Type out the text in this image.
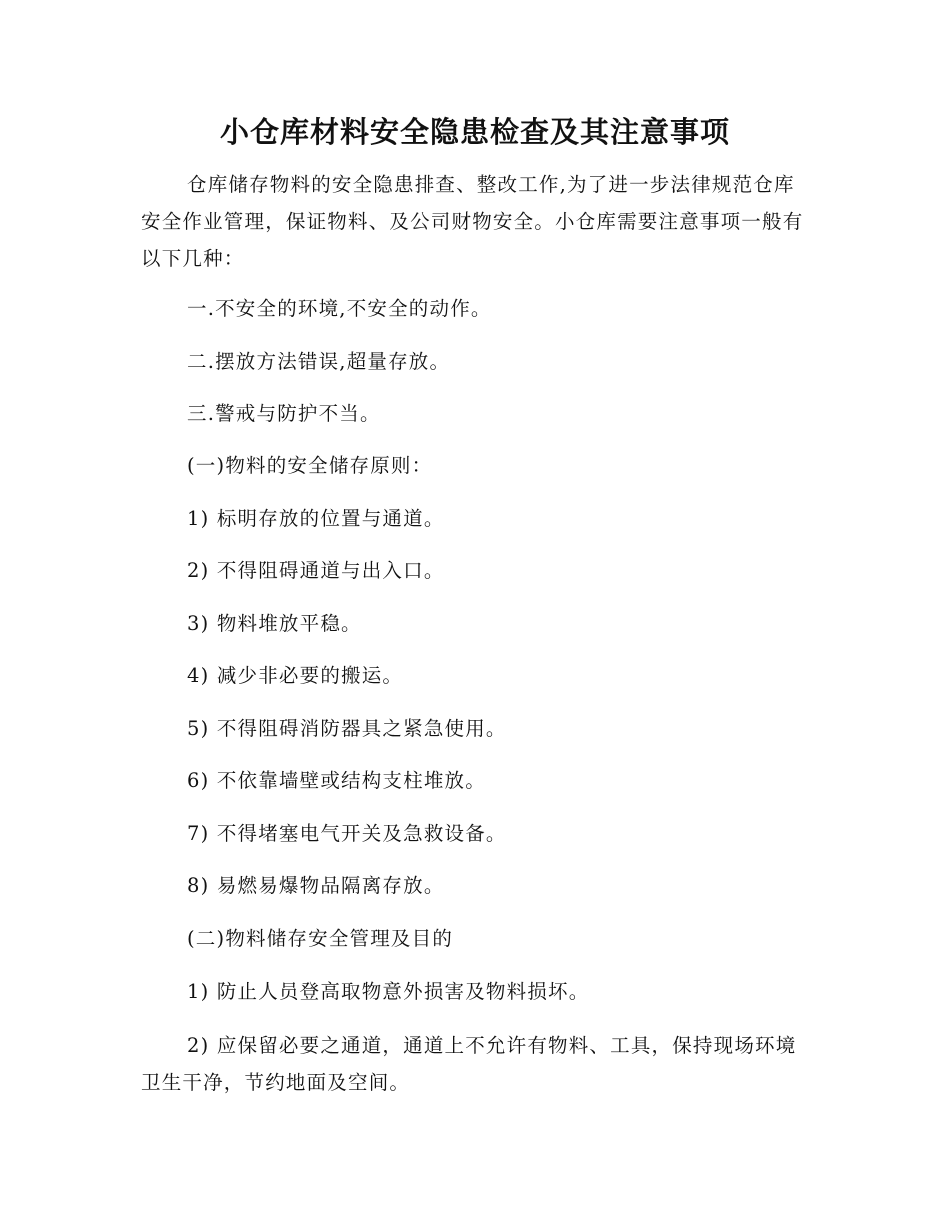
小仓库材料安全隐患检查及其注意事项

仓库储存物料的安全隐患排查、整改工作,为了进一步法律规范仓库安全作业管理，保证物料、及公司财物安全。小仓库需要注意事项一般有以下几种：

一.不安全的环境,不安全的动作。

二.摆放方法错误,超量存放。

三.警戒与防护不当。

(一)物料的安全储存原则：

1) 标明存放的位置与通道。

2) 不得阻碍通道与出入口。

3) 物料堆放平稳。

4) 减少非必要的搬运。

5) 不得阻碍消防器具之紧急使用。

6) 不依靠墙壁或结构支柱堆放。

7) 不得堵塞电气开关及急救设备。

8) 易燃易爆物品隔离存放。

(二)物料储存安全管理及目的

1) 防止人员登高取物意外损害及物料损坏。

2) 应保留必要之通道，通道上不允许有物料、工具，保持现场环境卫生干净，节约地面及空间。
